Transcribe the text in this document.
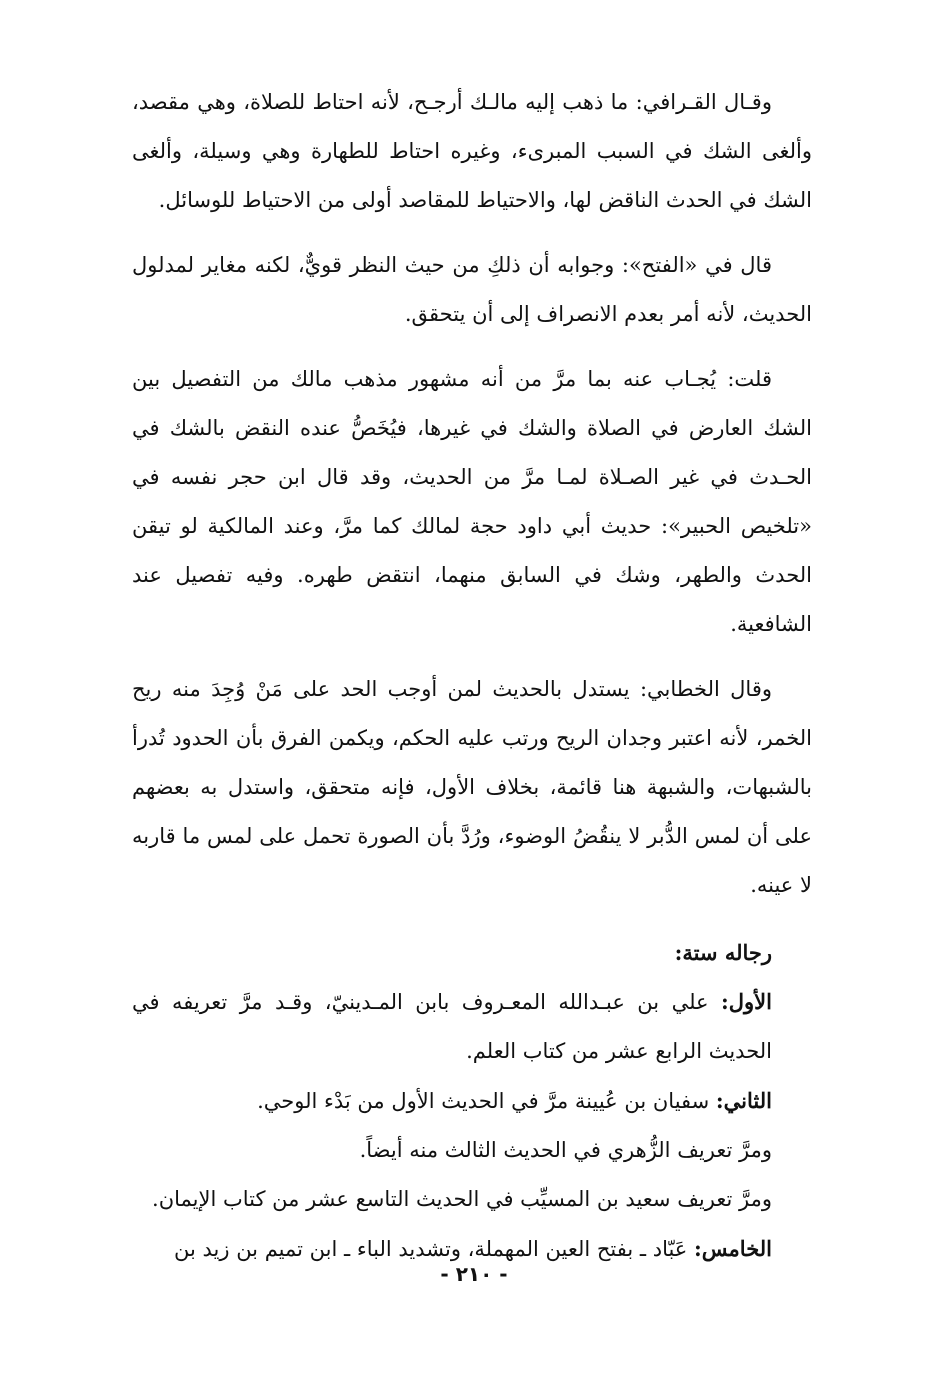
وقـال القـرافي: ما ذهب إليه مالـك أرجـح، لأنه احتاط للصلاة، وهي مقصد، وألغى الشك في السبب المبرىء، وغيره احتاط للطهارة وهي وسيلة، وألغى الشك في الحدث الناقض لها، والاحتياط للمقاصد أولى من الاحتياط للوسائل.

قال في «الفتح»: وجوابه أن ذلكِ من حيث النظر قويٌّ، لكنه مغاير لمدلول الحديث، لأنه أمر بعدم الانصراف إلى أن يتحقق.

قلت: يُجـاب عنه بما مرَّ من أنه مشهور مذهب مالك من التفصيل بين الشك العارض في الصلاة والشك في غيرها، فيُخَصُّ عنده النقض بالشك في الحـدث في غير الصـلاة لمـا مرَّ من الحديث، وقد قال ابن حجر نفسه في «تلخيص الحبير»: حديث أبي داود حجة لمالك كما مرَّ، وعند المالكية لو تيقن الحدث والطهر، وشك في السابق منهما، انتقض طهره. وفيه تفصيل عند الشافعية.

وقال الخطابي: يستدل بالحديث لمن أوجب الحد على مَنْ وُجِدَ منه ريح الخمر، لأنه اعتبر وجدان الريح ورتب عليه الحكم، ويكمن الفرق بأن الحدود تُدرأ بالشبهات، والشبهة هنا قائمة، بخلاف الأول، فإنه متحقق، واستدل به بعضهم على أن لمس الدُّبر لا ينقُضُ الوضوء، ورُدَّ بأن الصورة تحمل على لمس ما قاربه لا عينه.

رجاله ستة:

الأول: علي بن عبـدالله المعـروف بابن المـدينيّ، وقـد مرَّ تعريفه في الحديث الرابع عشر من كتاب العلم.

الثاني: سفيان بن عُيينة مرَّ في الحديث الأول من بَدْء الوحي.

ومرَّ تعريف الزُّهري في الحديث الثالث منه أيضاً.

ومرَّ تعريف سعيد بن المسيِّب في الحديث التاسع عشر من كتاب الإيمان.

الخامس: عَبّاد ـ بفتح العين المهملة، وتشديد الباء ـ ابن تميم بن زيد بن

- ٢١٠ -
